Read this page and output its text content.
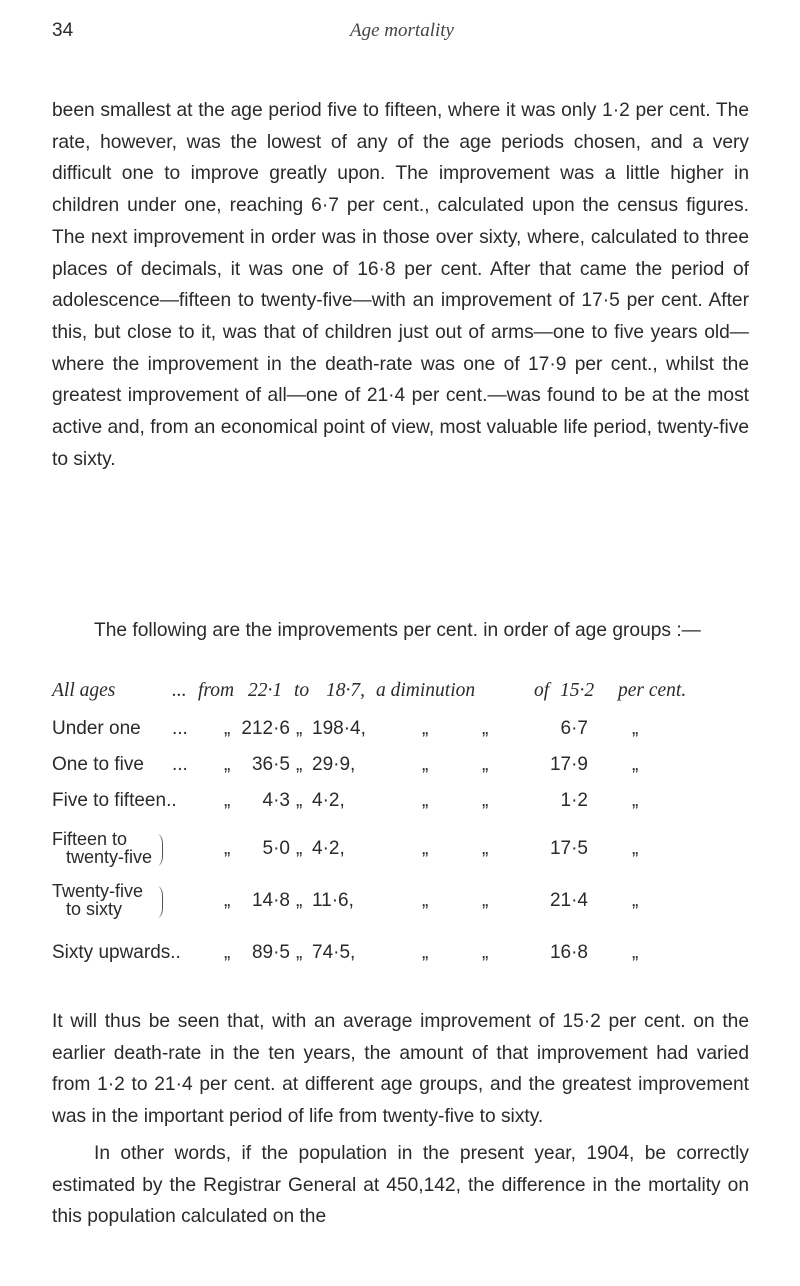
34	Age mortality

been smallest at the age period five to fifteen, where it was only 1·2 per cent. The rate, however, was the lowest of any of the age periods chosen, and a very difficult one to improve greatly upon. The improvement was a little higher in children under one, reaching 6·7 per cent., calculated upon the census figures. The next improvement in order was in those over sixty, where, calculated to three places of decimals, it was one of 16·8 per cent. After that came the period of adolescence—fifteen to twenty-five—with an improvement of 17·5 per cent. After this, but close to it, was that of children just out of arms—one to five years old—where the improvement in the death-rate was one of 17·9 per cent., whilst the greatest improvement of all—one of 21·4 per cent.—was found to be at the most active and, from an economical point of view, most valuable life period, twenty-five to sixty.

The following are the improvements per cent. in order of age groups :—

All ages	... from 22·1 to 18·7, a diminution	of 15·2 per cent.
Under one ... „ 212·6 „ 198·4,	„	„	6·7 „
One to five ... „	36·5 „ 29·9,	„	„	17·9 „
Five to fifteen.. „	4·3 „ 4·2,	„	„	1·2 „
Fifteen to
twenty-five	„	5·0 „ 4·2,	„	„	17·5 „
Twenty-five
to sixty	„	14·8 „ 11·6,	„	„	21·4 „
Sixty upwards.. „	89·5 „ 74·5,	„	„	16·8 „

It will thus be seen that, with an average improvement of 15·2 per cent. on the earlier death-rate in the ten years, the amount of that improvement had varied from 1·2 to 21·4 per cent. at different age groups, and the greatest improvement was in the important period of life from twenty-five to sixty.

In other words, if the population in the present year, 1904, be correctly estimated by the Registrar General at 450,142, the difference in the mortality on this population calculated on the
